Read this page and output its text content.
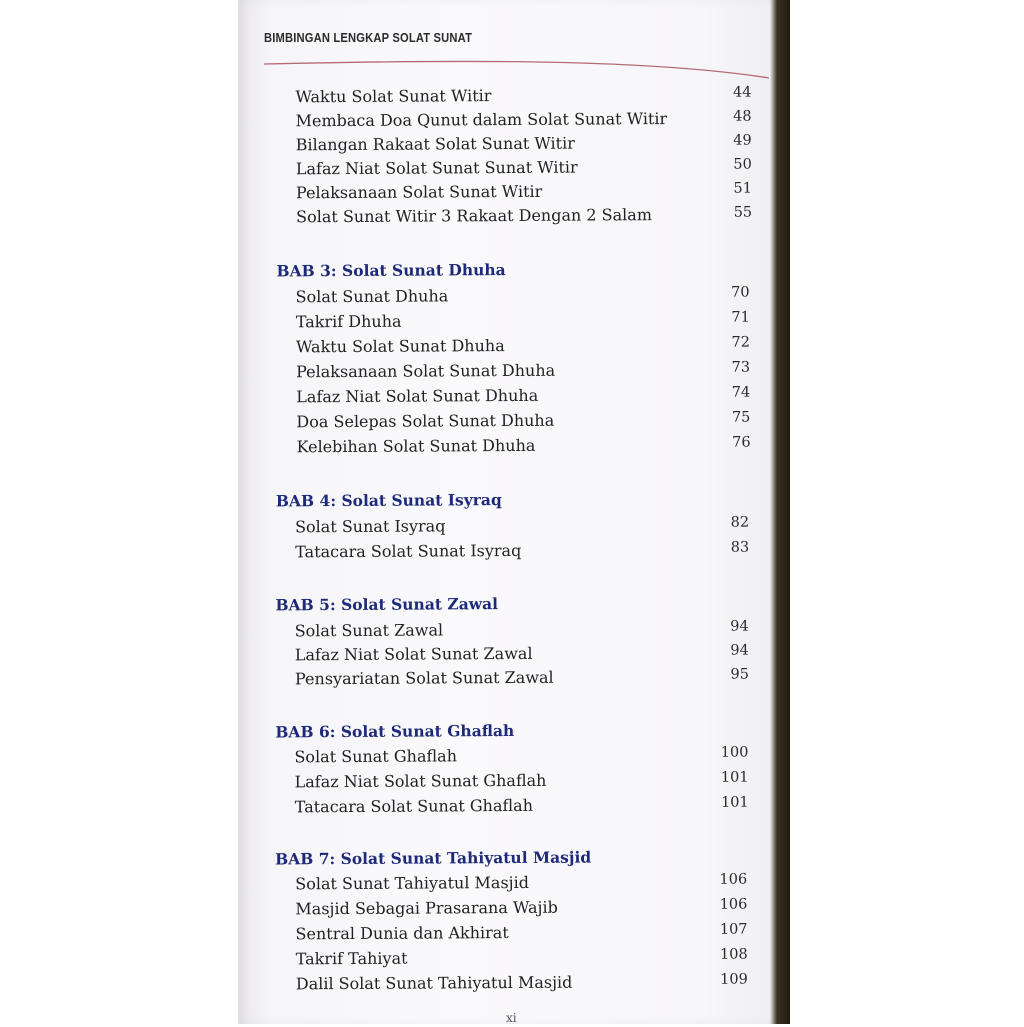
BIMBINGAN LENGKAP SOLAT SUNAT
Waktu Solat Sunat Witir	44
Membaca Doa Qunut dalam Solat Sunat Witir	48
Bilangan Rakaat Solat Sunat Witir	49
Lafaz Niat Solat Sunat Sunat Witir	50
Pelaksanaan Solat Sunat Witir	51
Solat Sunat Witir 3 Rakaat Dengan 2 Salam	55
BAB 3: Solat Sunat Dhuha
Solat Sunat Dhuha	70
Takrif Dhuha	71
Waktu Solat Sunat Dhuha	72
Pelaksanaan Solat Sunat Dhuha	73
Lafaz Niat Solat Sunat Dhuha	74
Doa Selepas Solat Sunat Dhuha	75
Kelebihan Solat Sunat Dhuha	76
BAB 4: Solat Sunat Isyraq
Solat Sunat Isyraq	82
Tatacara Solat Sunat Isyraq	83
BAB 5: Solat Sunat Zawal
Solat Sunat Zawal	94
Lafaz Niat Solat Sunat Zawal	94
Pensyariatan Solat Sunat Zawal	95
BAB 6: Solat Sunat Ghaflah
Solat Sunat Ghaflah	100
Lafaz Niat Solat Sunat Ghaflah	101
Tatacara Solat Sunat Ghaflah	101
BAB 7: Solat Sunat Tahiyatul Masjid
Solat Sunat Tahiyatul Masjid	106
Masjid Sebagai Prasarana Wajib	106
Sentral Dunia dan Akhirat	107
Takrif Tahiyat	108
Dalil Solat Sunat Tahiyatul Masjid	109
xi
